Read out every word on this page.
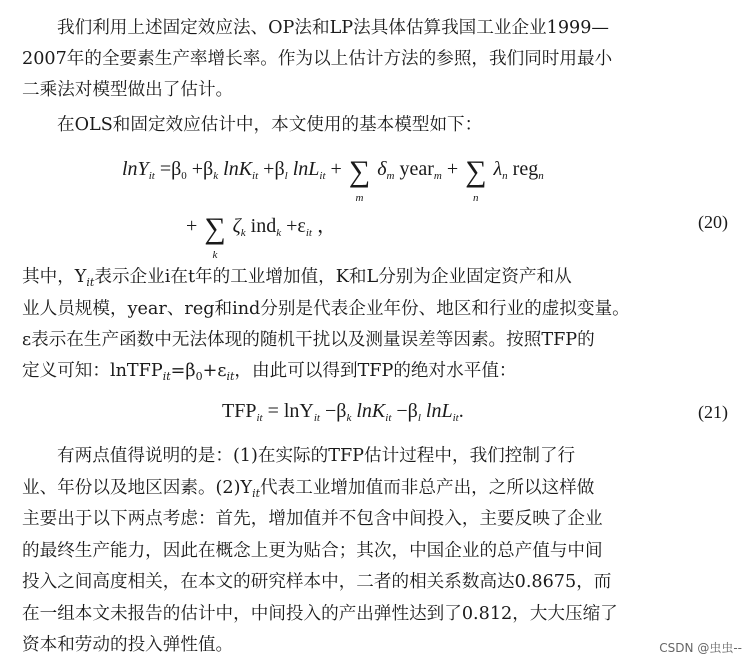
我们利用上述固定效应法、OP法和LP法具体估算我国工业企业1999—
2007年的全要素生产率增长率。作为以上估计方法的参照，我们同时用最小
二乘法对模型做出了估计。
在OLS和固定效应估计中，本文使用的基本模型如下：
$\ln Y_{it} =\beta_0 +\beta_k$ $\ln K_{it} +\beta_l$ lnL$_{it}$ + ∑
m
$\delta_m$ year$_m$ + ∑
n
$\lambda_n$ reg$_n$
+ ∑
k
$\zeta_k$ $ind_k +\varepsilon_{it}$ ，	(20)
其中，$Y_{it}$表示企业i在t年的工业增加值，K和L分别为企业固定资产和从
业人员规模，year、reg和ind分别是代表企业年份、地区和行业的虚拟变量。
ε表示在生产函数中无法体现的随机干扰以及测量误差等因素。按照TFP的
定义可知：$lnTFP_{it}=\beta_0+\varepsilon_{it}$，由此可以得到TFP的绝对水平值：
$TFP_{it} = \ln Y_{it} -\beta_k$ $\ln K_{it} -\beta_l$ lnL$_{it}$.	(21)
有两点值得说明的是：(1)在实际的TFP估计过程中，我们控制了行
业、年份以及地区因素。$(2)Y_{it}$代表工业增加值而非总产出，之所以这样做
主要出于以下两点考虑：首先，增加值并不包含中间投入，主要反映了企业
的最终生产能力，因此在概念上更为贴合；其次，中国企业的总产值与中间
投入之间高度相关，在本文的研究样本中，二者的相关系数高达0.8675，而
在一组本文未报告的估计中，中间投入的产出弹性达到了0.812，大大压缩了
资本和劳动的投入弹性值。	CSDN @虫虫--
